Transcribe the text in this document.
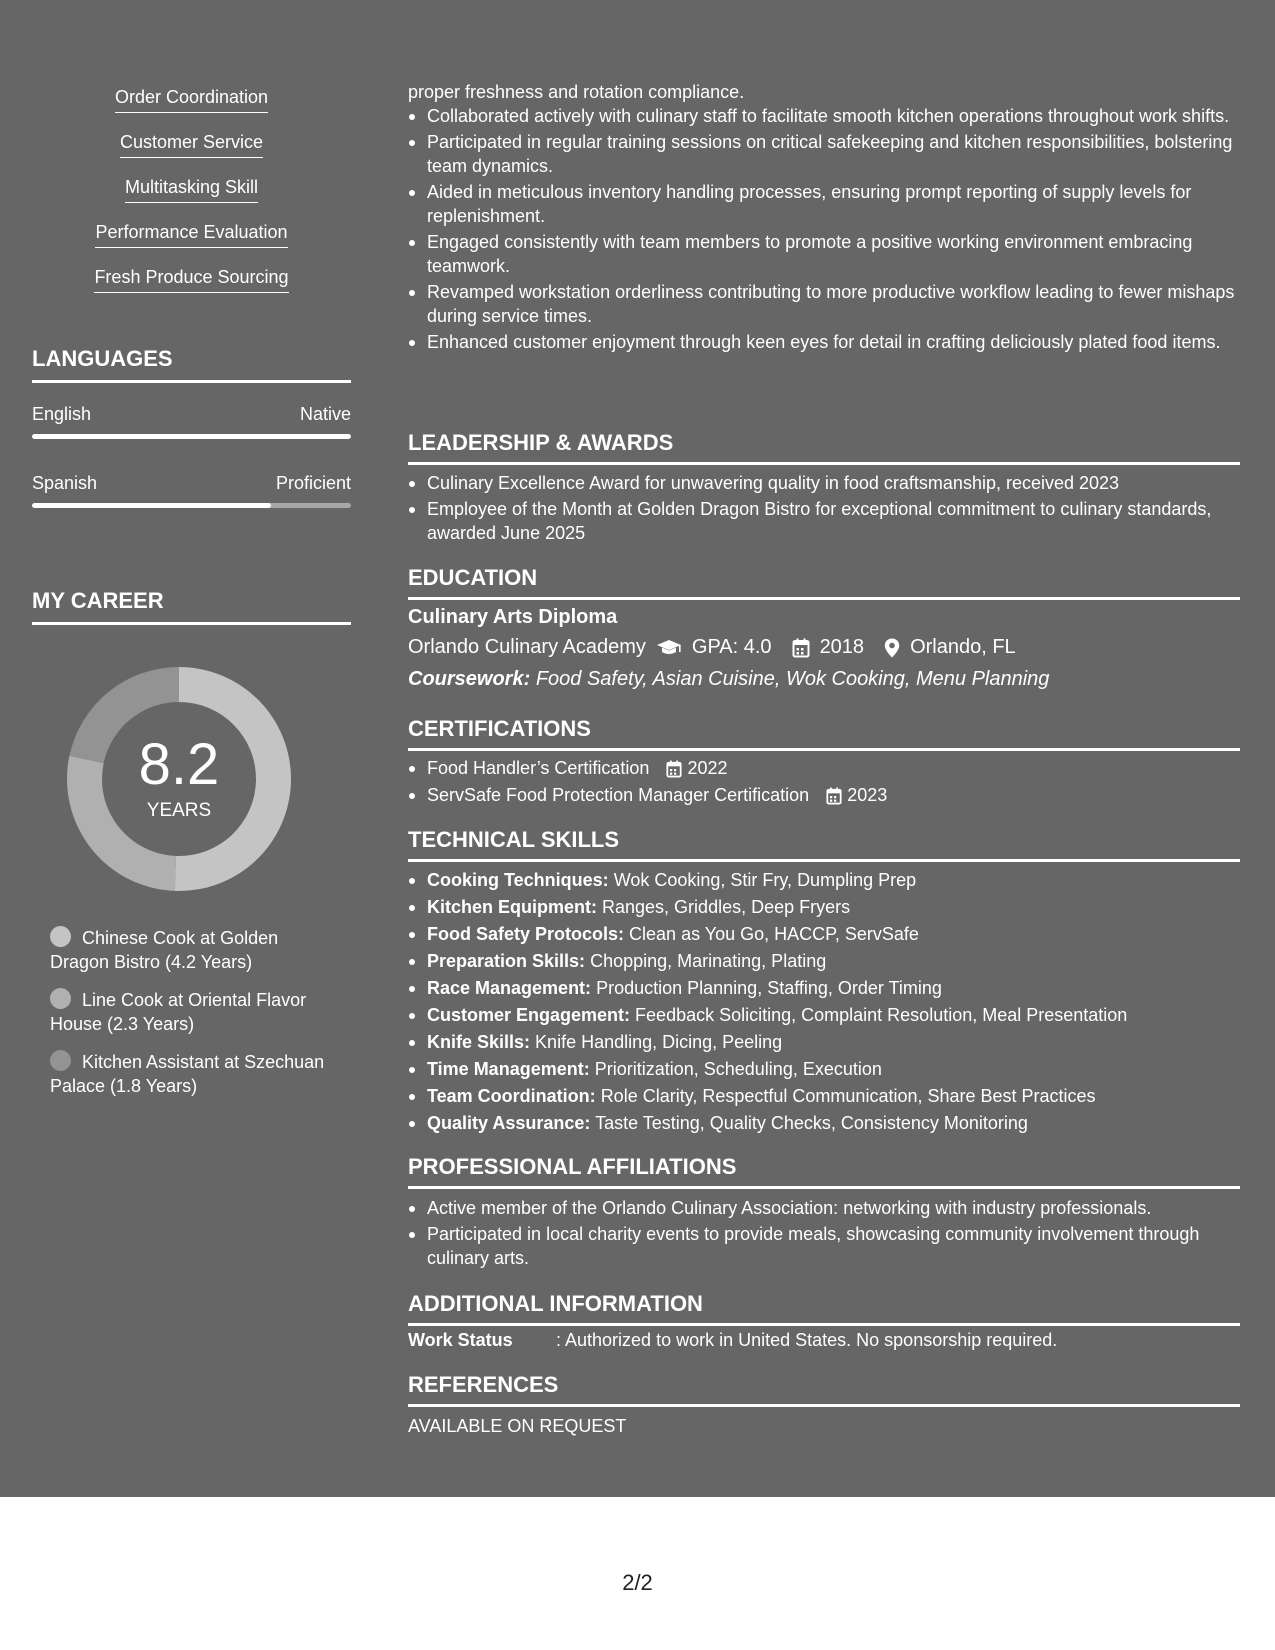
Order Coordination
Customer Service
Multitasking Skill
Performance Evaluation
Fresh Produce Sourcing
LANGUAGES
English	Native
Spanish	Proficient
MY CAREER
8.2
YEARS
Chinese Cook at Golden Dragon Bistro (4.2 Years)
Line Cook at Oriental Flavor House (2.3 Years)
Kitchen Assistant at Szechuan Palace (1.8 Years)
proper freshness and rotation compliance.
Collaborated actively with culinary staff to facilitate smooth kitchen operations throughout work shifts.
Participated in regular training sessions on critical safekeeping and kitchen responsibilities, bolstering team dynamics.
Aided in meticulous inventory handling processes, ensuring prompt reporting of supply levels for replenishment.
Engaged consistently with team members to promote a positive working environment embracing teamwork.
Revamped workstation orderliness contributing to more productive workflow leading to fewer mishaps during service times.
Enhanced customer enjoyment through keen eyes for detail in crafting deliciously plated food items.
LEADERSHIP & AWARDS
Culinary Excellence Award for unwavering quality in food craftsmanship, received 2023
Employee of the Month at Golden Dragon Bistro for exceptional commitment to culinary standards, awarded June 2025
EDUCATION
Culinary Arts Diploma
Orlando Culinary Academy GPA: 4.0 2018 Orlando, FL
Coursework: Food Safety, Asian Cuisine, Wok Cooking, Menu Planning
CERTIFICATIONS
Food Handler’s Certification 2022
ServSafe Food Protection Manager Certification 2023
TECHNICAL SKILLS
Cooking Techniques: Wok Cooking, Stir Fry, Dumpling Prep
Kitchen Equipment: Ranges, Griddles, Deep Fryers
Food Safety Protocols: Clean as You Go, HACCP, ServSafe
Preparation Skills: Chopping, Marinating, Plating
Race Management: Production Planning, Staffing, Order Timing
Customer Engagement: Feedback Soliciting, Complaint Resolution, Meal Presentation
Knife Skills: Knife Handling, Dicing, Peeling
Time Management: Prioritization, Scheduling, Execution
Team Coordination: Role Clarity, Respectful Communication, Share Best Practices
Quality Assurance: Taste Testing, Quality Checks, Consistency Monitoring
PROFESSIONAL AFFILIATIONS
Active member of the Orlando Culinary Association: networking with industry professionals.
Participated in local charity events to provide meals, showcasing community involvement through culinary arts.
ADDITIONAL INFORMATION
Work Status : Authorized to work in United States. No sponsorship required.
REFERENCES
AVAILABLE ON REQUEST
2/2
